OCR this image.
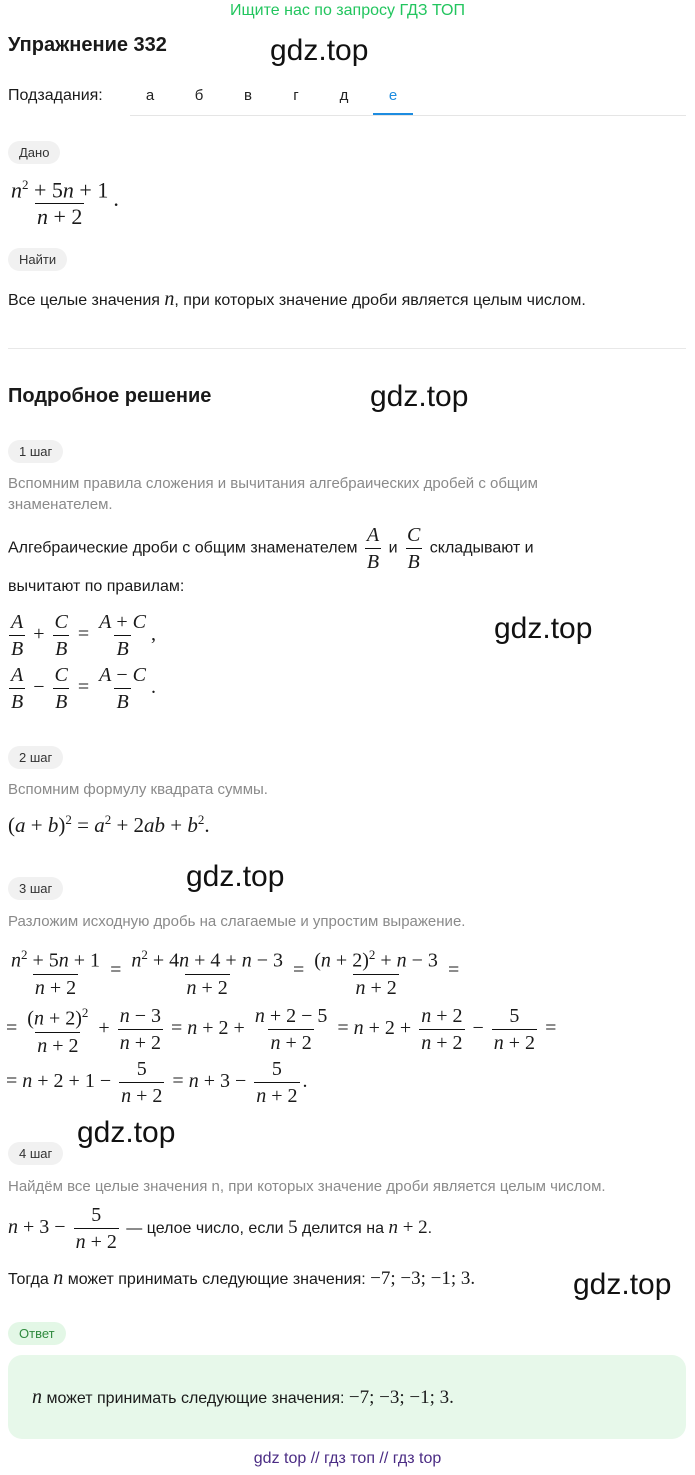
Ищите нас по запросу ГДЗ ТОП
Упражнение 332	gdz.top
Подзадания:	а	б	в	г	д	е
Дано
$\frac{n^2 + 5n + 1}{n + 2}$ .
Найти
Все целые значения n, при которых значение дроби является целым числом.
Подробное решение	gdz.top
1 шаг
Вспомним правила сложения и вычитания алгебраических дробей с общим знаменателем.
Алгебраические дроби с общим знаменателем $\frac{A}{B}$ и $\frac{C}{B}$ складывают и
вычитают по правилам:
$\frac{A}{B} + \frac{C}{B} = \frac{A + C}{B}$ ,
$\frac{A}{B} - \frac{C}{B} = \frac{A - C}{B}$ .
gdz.top
2 шаг
Вспомним формулу квадрата суммы.
$(a + b)^2 = a^2 + 2ab + b^2$.
3 шаг	gdz.top
Разложим исходную дробь на слагаемые и упростим выражение.
$\frac{n^2 + 5n + 1}{n + 2} = \frac{n^2 + 4n + 4 + n - 3}{n + 2} = \frac{(n + 2)^2 + n - 3}{n + 2}$ =
= $\frac{(n + 2)^2}{n + 2} + \frac{n - 3}{n + 2} = n + 2 + \frac{n + 2 - 5}{n + 2} = n + 2 + \frac{n + 2}{n + 2} - \frac{5}{n + 2}$ =
= $n + 2 + 1 - \frac{5}{n + 2} = n + 3 - \frac{5}{n + 2}$ .
4 шаг
gdz.top
Найдём все целые значения n, при которых значение дроби является целым числом.
$n + 3 - \frac{5}{n + 2}$ — целое число, если 5 делится на n + 2.
Тогда n может принимать следующие значения: −7; −3; −1; 3.	gdz.top
Ответ
n может принимать следующие значения: −7; −3; −1; 3.
gdz top // гдз топ // гдз top
